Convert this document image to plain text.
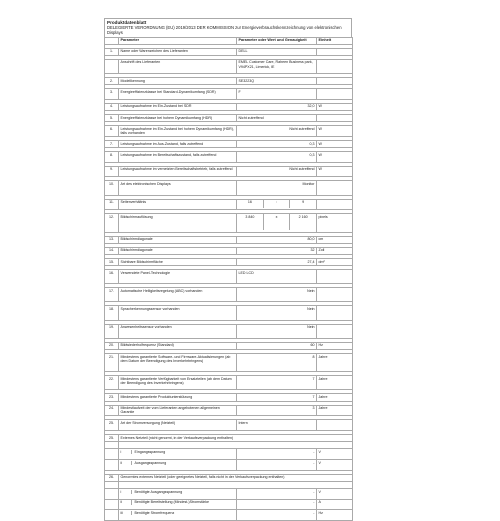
Produktdatenblatt
DELEGIERTE VERORDNUNG (EU) 2019/2013 DER KOMMISSION zur Energieverbrauchskennzeichnung von elektronischen Displays
	Parameter	Parameter oder Wert und Genauigkeit	Einheit

1.	Name oder Warenzeichen des Lieferanten	DELL	

	Anschrift des Lieferanten	EMEL Customer Care, Raheen Business park, V94PX21, Limerick, IE	

2.	Modellkennung	SE3223Q	

3.	Energieeffizienzklasse bei Standard-Dynamikumfang (SDR)	F	

4.	Leistungsaufnahme im Ein-Zustand bei SDR	32,0	W

5.	Energieeffizienzklasse bei hohem Dynamikumfang (HDR)	Nicht zutreffend	

6.	Leistungsaufnahme im Ein-Zustand bei hohem Dynamikumfang (HDR), falls vorhanden	Nicht zutreffend	W

7.	Leistungsaufnahme im Aus-Zustand, falls zutreffend	0,3	W

8.	Leistungsaufnahme im Bereitschaftszustand, falls zutreffend	0,3	W

9.	Leistungsaufnahme im vernetzten Bereitschaftsbetrieb, falls zutreffend	Nicht zutreffend	W

10.	Art des elektronischen Displays	Monitor	

11.	Seitenverhältnis		16	:	9

12.	Bildschirmauflösung		3 840	x	2 160
		pixels

13.	Bildschirmdiagonale	80,0	cm

14.	Bildschirmdiagonale	32	Zoll

15.	Sichtbare Bildschirmfläche	27,4	dm²

16.	Verwendete Panel-Technologie	LED LCD	

17.	Automatische Helligkeitsregelung (ABC) vorhanden	Nein	

18.	Spracherkennungssensor vorhanden	Nein	

19.	Anwesenheitssensor vorhanden	Nein	

20.	Bildwiederholfrequenz (Standard)	60	Hz

21.	Mindestens garantierte Software- und Firmware-Aktualisierungen (ab dem Datum der Beendigung des Inverkehrbringens)	8	Jahre

22.	Mindestens garantierte Verfügbarkeit von Ersatzteilen (ab dem Datum der Beendigung des Inverkehrbringens)	7	Jahre

23.	Mindestens garantierte Produktunterstützung	7	Jahre

24.	Mindestlaufzeit der vom Lieferanten angebotenen allgemeinen Garantie	3	Jahre

25.	Art der Stromversorgung (Netzteil)	Intern	

25.	Externes Netzteil (nicht genormt, in der Verkaufsverpackung enthalten)

	i	Eingangsspannung	-	V
	ii	Ausgangsspannung	-	V

26.	Genormtes externes Netzteil (oder geeignetes Netzteil, falls nicht in der Verkaufsverpackung enthalten)

	i	Benötigte Ausgangsspannung	-	V
	ii	Benötigte Bereitstellung (Mindest-)Stromstärke	-	A
	iii	Benötigte Stromfrequenz	-	Hz
